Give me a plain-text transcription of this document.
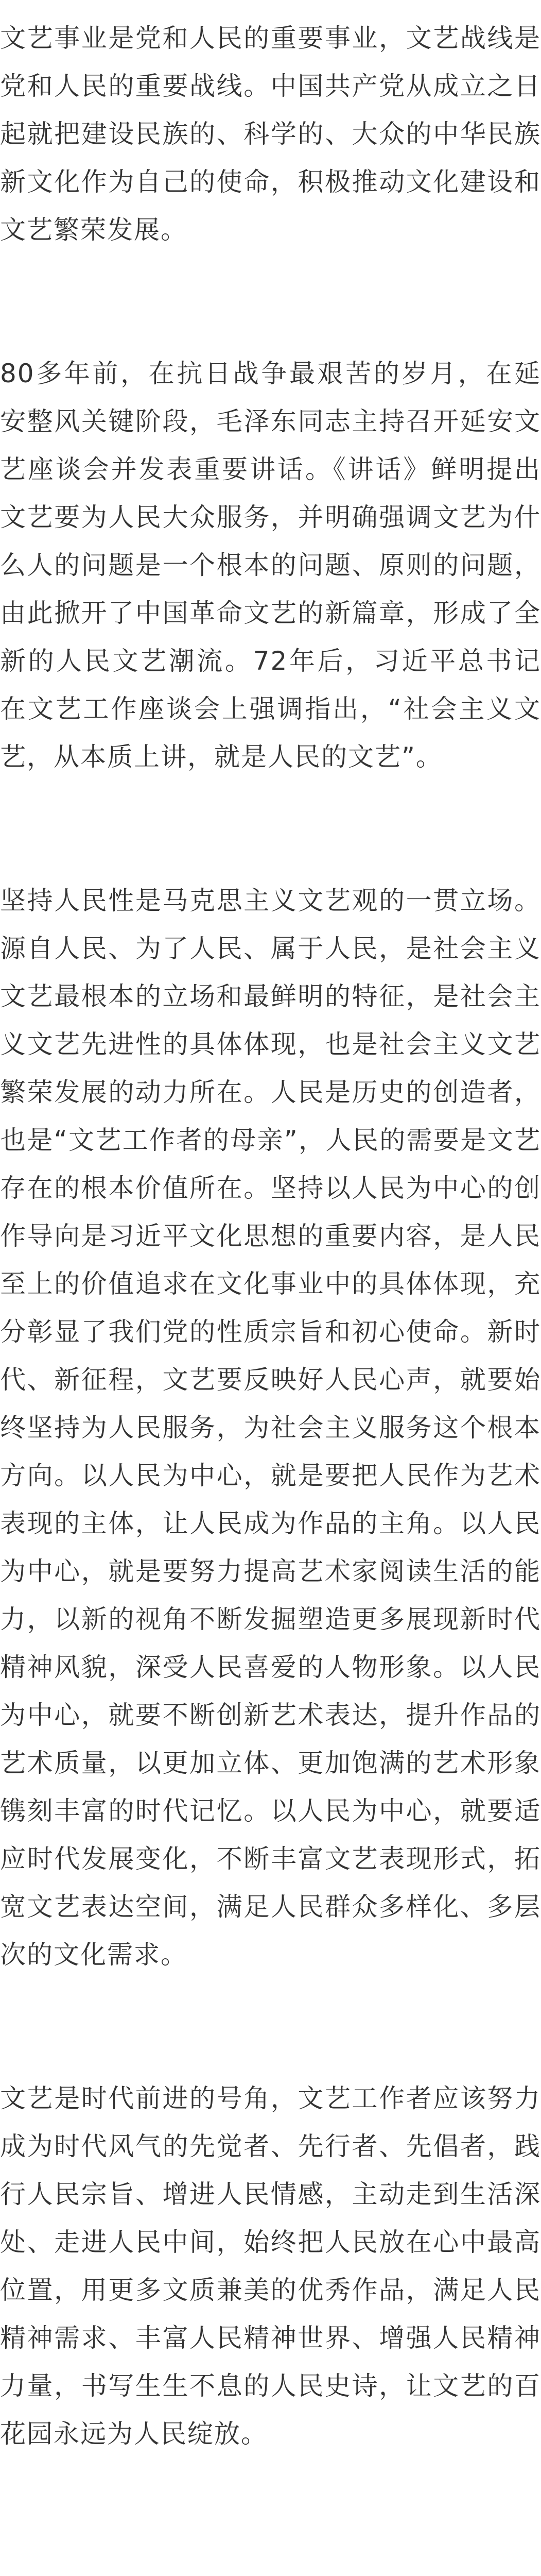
文艺事业是党和人民的重要事业，文艺战线是党和人民的重要战线。中国共产党从成立之日起就把建设民族的、科学的、大众的中华民族新文化作为自己的使命，积极推动文化建设和文艺繁荣发展。

80多年前，在抗日战争最艰苦的岁月，在延安整风关键阶段，毛泽东同志主持召开延安文艺座谈会并发表重要讲话。《讲话》鲜明提出文艺要为人民大众服务，并明确强调文艺为什么人的问题是一个根本的问题、原则的问题，由此掀开了中国革命文艺的新篇章，形成了全新的人民文艺潮流。72年后，习近平总书记在文艺工作座谈会上强调指出，“社会主义文艺，从本质上讲，就是人民的文艺”。

坚持人民性是马克思主义文艺观的一贯立场。源自人民、为了人民、属于人民，是社会主义文艺最根本的立场和最鲜明的特征，是社会主义文艺先进性的具体体现，也是社会主义文艺繁荣发展的动力所在。人民是历史的创造者，也是“文艺工作者的母亲”，人民的需要是文艺存在的根本价值所在。坚持以人民为中心的创作导向是习近平文化思想的重要内容，是人民至上的价值追求在文化事业中的具体体现，充分彰显了我们党的性质宗旨和初心使命。新时代、新征程，文艺要反映好人民心声，就要始终坚持为人民服务，为社会主义服务这个根本方向。以人民为中心，就是要把人民作为艺术表现的主体，让人民成为作品的主角。以人民为中心，就是要努力提高艺术家阅读生活的能力，以新的视角不断发掘塑造更多展现新时代精神风貌，深受人民喜爱的人物形象。以人民为中心，就要不断创新艺术表达，提升作品的艺术质量，以更加立体、更加饱满的艺术形象镌刻丰富的时代记忆。以人民为中心，就要适应时代发展变化，不断丰富文艺表现形式，拓宽文艺表达空间，满足人民群众多样化、多层次的文化需求。

文艺是时代前进的号角，文艺工作者应该努力成为时代风气的先觉者、先行者、先倡者，践行人民宗旨、增进人民情感，主动走到生活深处、走进人民中间，始终把人民放在心中最高位置，用更多文质兼美的优秀作品，满足人民精神需求、丰富人民精神世界、增强人民精神力量，书写生生不息的人民史诗，让文艺的百花园永远为人民绽放。
